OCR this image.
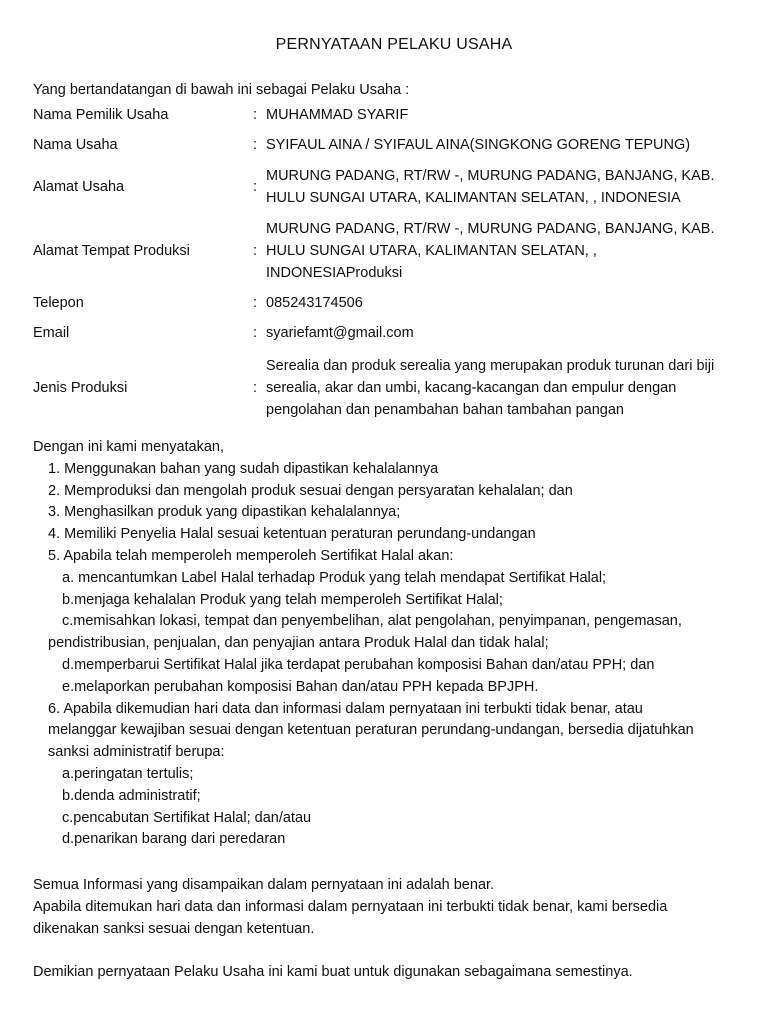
PERNYATAAN PELAKU USAHA
Yang bertandatangan di bawah ini sebagai Pelaku Usaha :
Nama Pemilik Usaha	:	MUHAMMAD SYARIF

Nama Usaha	:	SYIFAUL AINA / SYIFAUL AINA(SINGKONG GORENG TEPUNG)

Alamat Usaha	:	MURUNG PADANG, RT/RW -, MURUNG PADANG, BANJANG, KAB.
HULU SUNGAI UTARA, KALIMANTAN SELATAN, , INDONESIA

Alamat Tempat Produksi	:	MURUNG PADANG, RT/RW -, MURUNG PADANG, BANJANG, KAB.
HULU SUNGAI UTARA, KALIMANTAN SELATAN, ,
INDONESIAProduksi

Telepon	:	085243174506

Email	:	syariefamt@gmail.com

Jenis Produksi	:	Serealia dan produk serealia yang merupakan produk turunan dari biji
serealia, akar dan umbi, kacang-kacangan dan empulur dengan
pengolahan dan penambahan bahan tambahan pangan
Dengan ini kami menyatakan,
1. Menggunakan bahan yang sudah dipastikan kehalalannya
2. Memproduksi dan mengolah produk sesuai dengan persyaratan kehalalan; dan
3. Menghasilkan produk yang dipastikan kehalalannya;
4. Memiliki Penyelia Halal sesuai ketentuan peraturan perundang-undangan
5. Apabila telah memperoleh memperoleh Sertifikat Halal akan:
a. mencantumkan Label Halal terhadap Produk yang telah mendapat Sertifikat Halal;
b.menjaga kehalalan Produk yang telah memperoleh Sertifikat Halal;
c.memisahkan lokasi, tempat dan penyembelihan, alat pengolahan, penyimpanan, pengemasan,
pendistribusian, penjualan, dan penyajian antara Produk Halal dan tidak halal;
d.memperbarui Sertifikat Halal jika terdapat perubahan komposisi Bahan dan/atau PPH; dan
e.melaporkan perubahan komposisi Bahan dan/atau PPH kepada BPJPH.
6. Apabila dikemudian hari data dan informasi dalam pernyataan ini terbukti tidak benar, atau
melanggar kewajiban sesuai dengan ketentuan peraturan perundang-undangan, bersedia dijatuhkan
sanksi administratif berupa:
a.peringatan tertulis;
b.denda administratif;
c.pencabutan Sertifikat Halal; dan/atau
d.penarikan barang dari peredaran
Semua Informasi yang disampaikan dalam pernyataan ini adalah benar.
Apabila ditemukan hari data dan informasi dalam pernyataan ini terbukti tidak benar, kami bersedia
dikenakan sanksi sesuai dengan ketentuan.
Demikian pernyataan Pelaku Usaha ini kami buat untuk digunakan sebagaimana semestinya.
